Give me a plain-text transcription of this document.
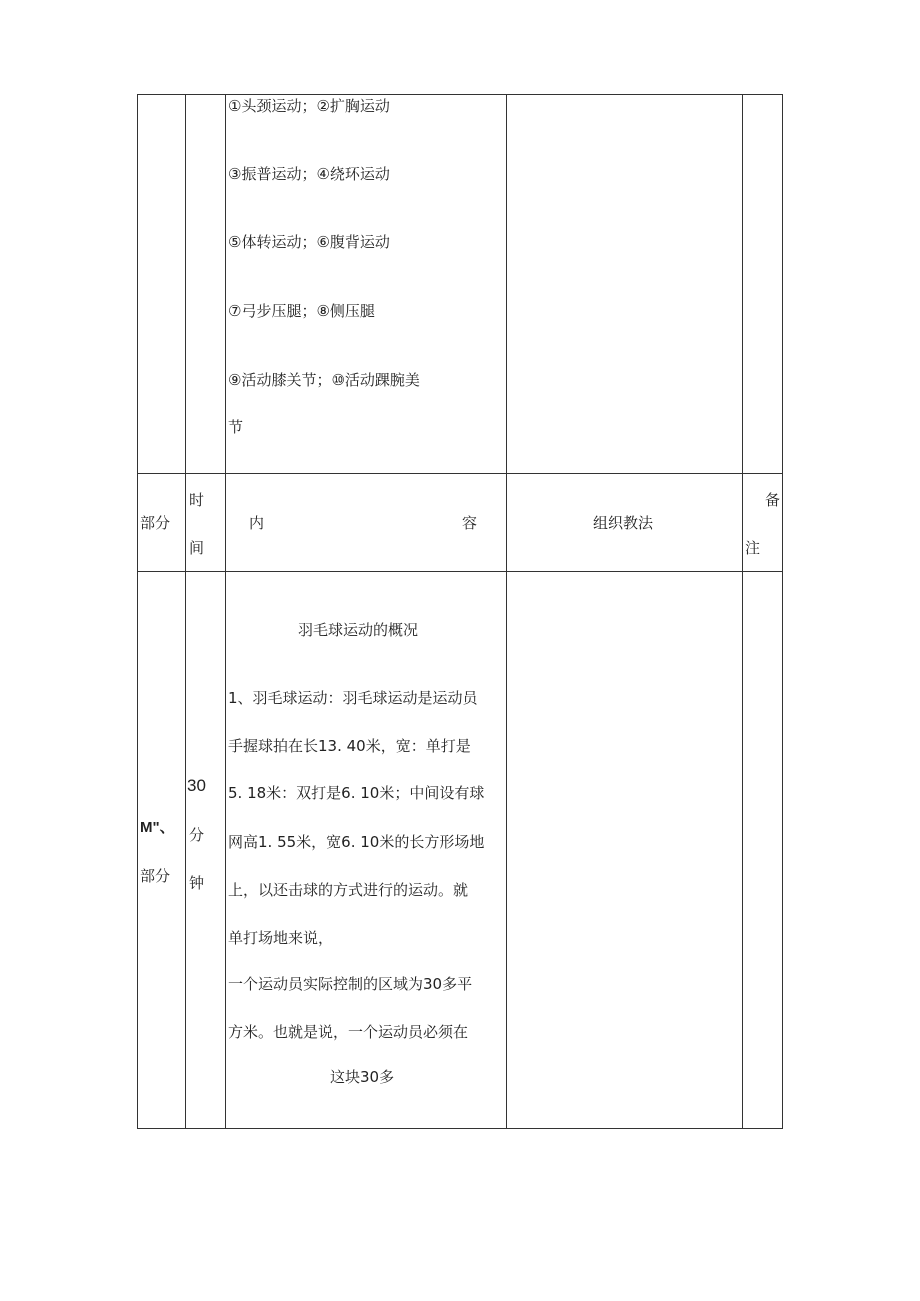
①头颈运动；②扩胸运动
③振普运动；④绕环运动
⑤体转运动；⑥腹背运动
⑦弓步压腿；⑧侧压腿
⑨活动膝关节；⑩活动踝腕美
节
部分
时
间
内	容	组织教法
备
注
M"、
部分
30
分
钟
羽毛球运动的概况
1、羽毛球运动：羽毛球运动是运动员
手握球拍在长13. 40米，宽：单打是
5. 18米：双打是6. 10米；中间设有球
网高1. 55米，宽6. 10米的长方形场地
上，以还击球的方式进行的运动。就
单打场地来说，
一个运动员实际控制的区域为30多平
方米。也就是说，一个运动员必须在
这块30多
